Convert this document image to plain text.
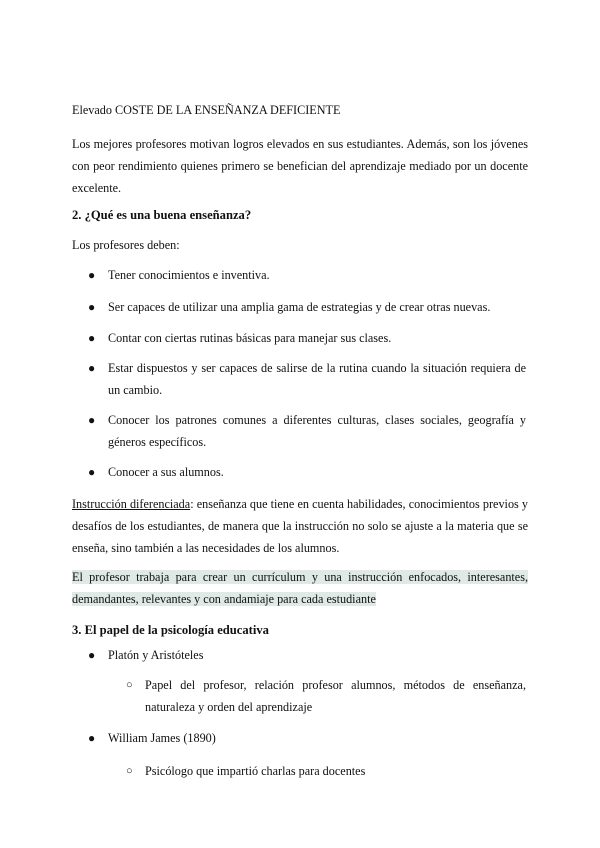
Elevado COSTE DE LA ENSEÑANZA DEFICIENTE

Los mejores profesores motivan logros elevados en sus estudiantes. Además, son los jóvenes con peor rendimiento quienes primero se benefician del aprendizaje mediado por un docente excelente.

2. ¿Qué es una buena enseñanza?

Los profesores deben:

●	Tener conocimientos e inventiva.

●	Ser capaces de utilizar una amplia gama de estrategias y de crear otras nuevas.

●	Contar con ciertas rutinas básicas para manejar sus clases.

●	Estar dispuestos y ser capaces de salirse de la rutina cuando la situación requiera de un cambio.

●	Conocer los patrones comunes a diferentes culturas, clases sociales, geografía y géneros específicos.

●	Conocer a sus alumnos.

Instrucción diferenciada: enseñanza que tiene en cuenta habilidades, conocimientos previos y desafíos de los estudiantes, de manera que la instrucción no solo se ajuste a la materia que se enseña, sino también a las necesidades de los alumnos.

El profesor trabaja para crear un currículum y una instrucción enfocados, interesantes, demandantes, relevantes y con andamiaje para cada estudiante

3. El papel de la psicología educativa

●	Platón y Aristóteles

○	Papel del profesor, relación profesor alumnos, métodos de enseñanza, naturaleza y orden del aprendizaje

●	William James (1890)

○	Psicólogo que impartió charlas para docentes
